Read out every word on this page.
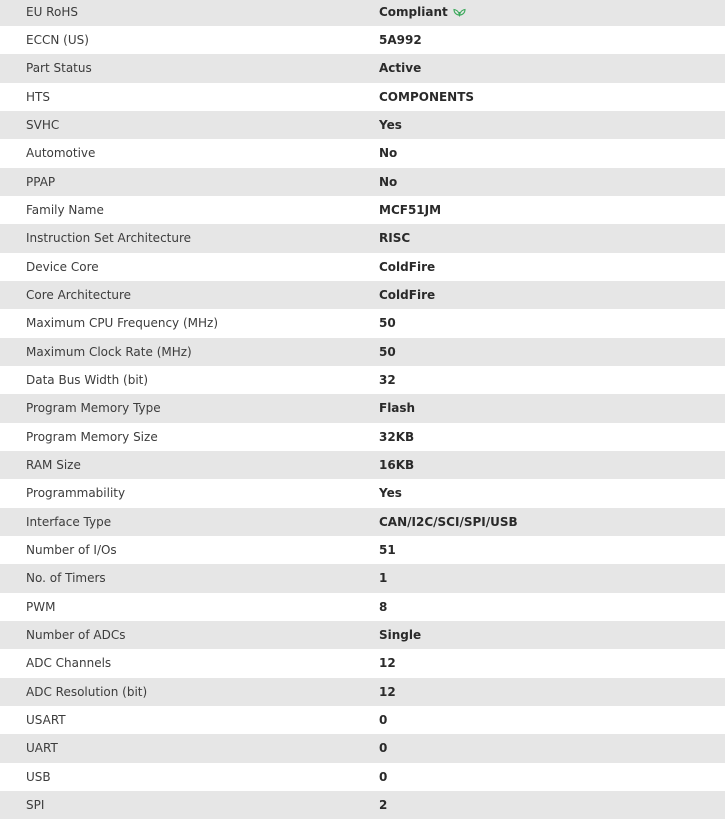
EU RoHS	Compliant
ECCN (US)	5A992
Part Status	Active
HTS	COMPONENTS
SVHC	Yes
Automotive	No
PPAP	No
Family Name	MCF51JM
Instruction Set Architecture	RISC
Device Core	ColdFire
Core Architecture	ColdFire
Maximum CPU Frequency (MHz)	50
Maximum Clock Rate (MHz)	50
Data Bus Width (bit)	32
Program Memory Type	Flash
Program Memory Size	32KB
RAM Size	16KB
Programmability	Yes
Interface Type	CAN/I2C/SCI/SPI/USB
Number of I/Os	51
No. of Timers	1
PWM	8
Number of ADCs	Single
ADC Channels	12
ADC Resolution (bit)	12
USART	0
UART	0
USB	0
SPI	2
